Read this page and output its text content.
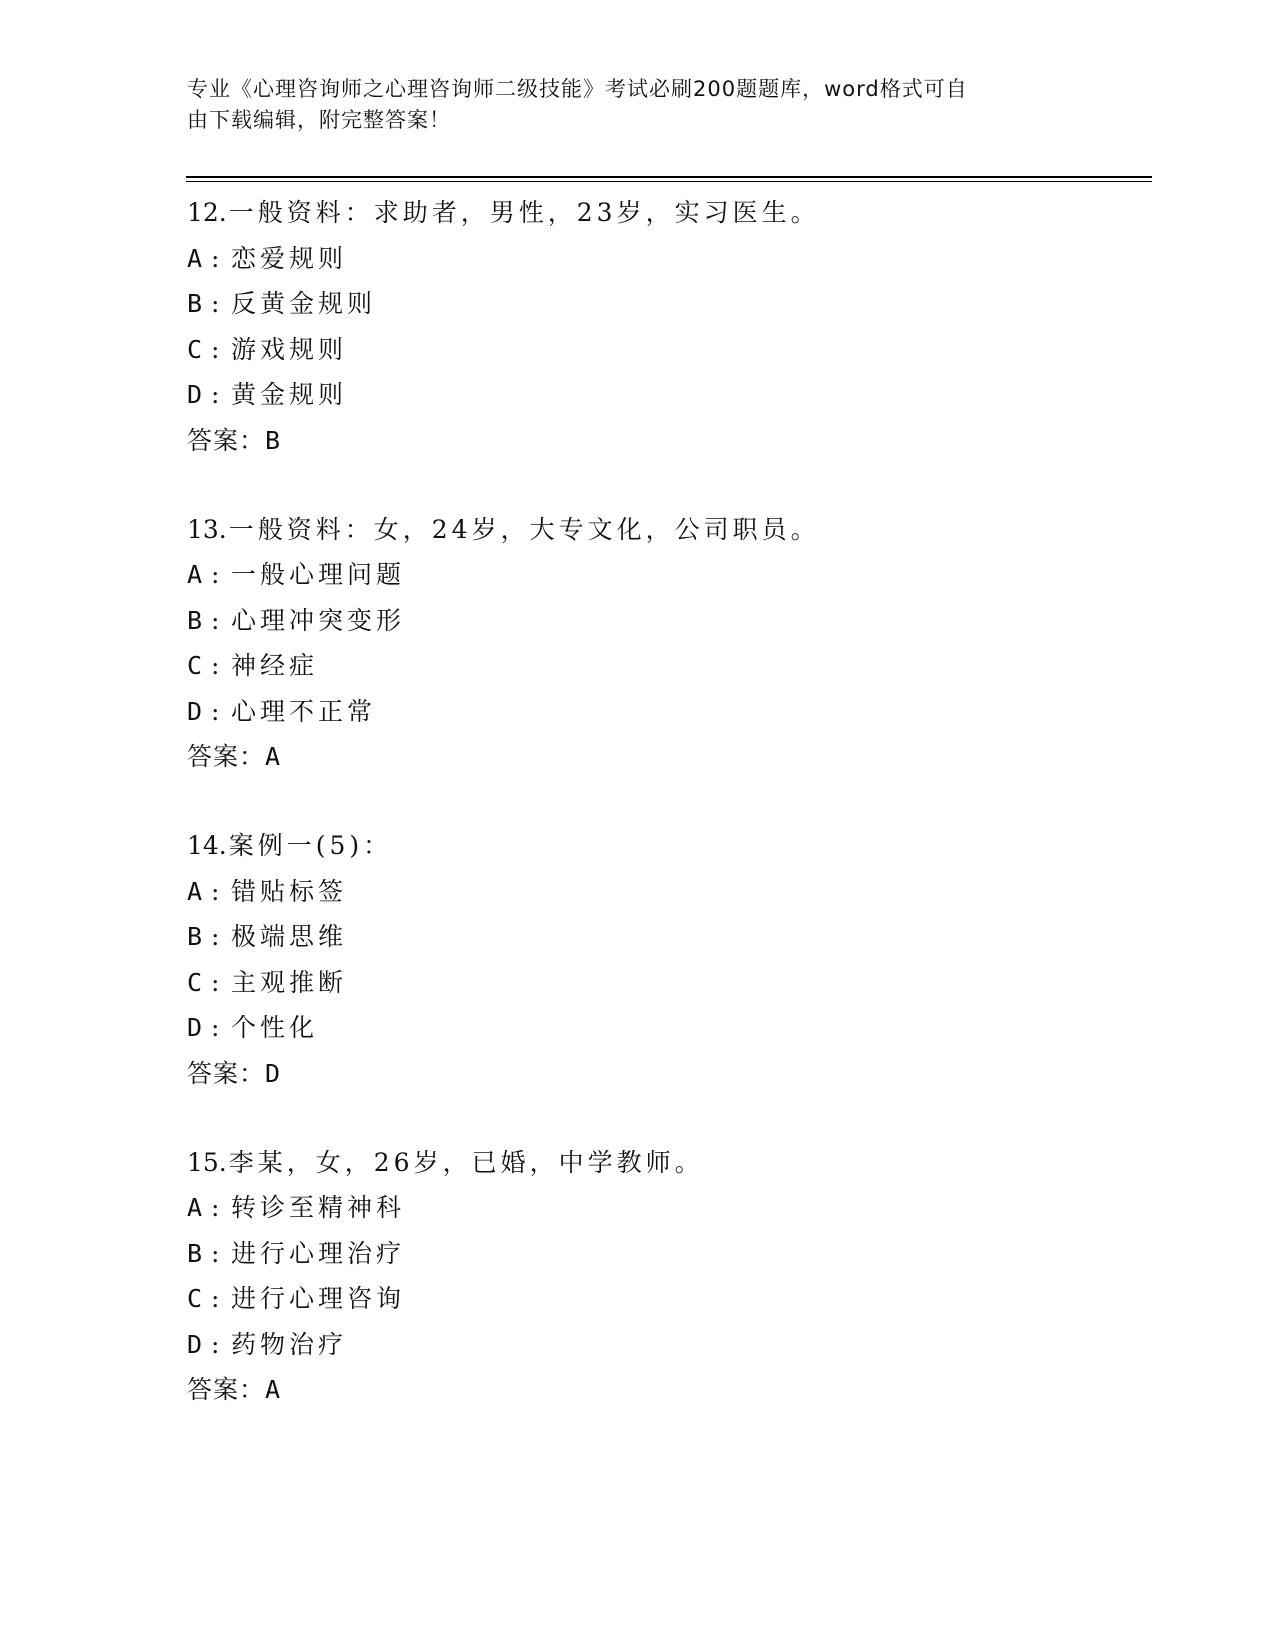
专业《心理咨询师之心理咨询师二级技能》考试必刷200题题库，word格式可自
由下载编辑，附完整答案！
12.一般资料：求助者，男性，23岁，实习医生。
A : 恋爱规则
B : 反黄金规则
C : 游戏规则
D : 黄金规则
答案：B
13.一般资料：女，24岁，大专文化，公司职员。
A : 一般心理问题
B : 心理冲突变形
C : 神经症
D : 心理不正常
答案：A
14.案例一(5)：
A : 错贴标签
B : 极端思维
C : 主观推断
D : 个性化
答案：D
15.李某，女，26岁，已婚，中学教师。
A : 转诊至精神科
B : 进行心理治疗
C : 进行心理咨询
D : 药物治疗
答案：A
